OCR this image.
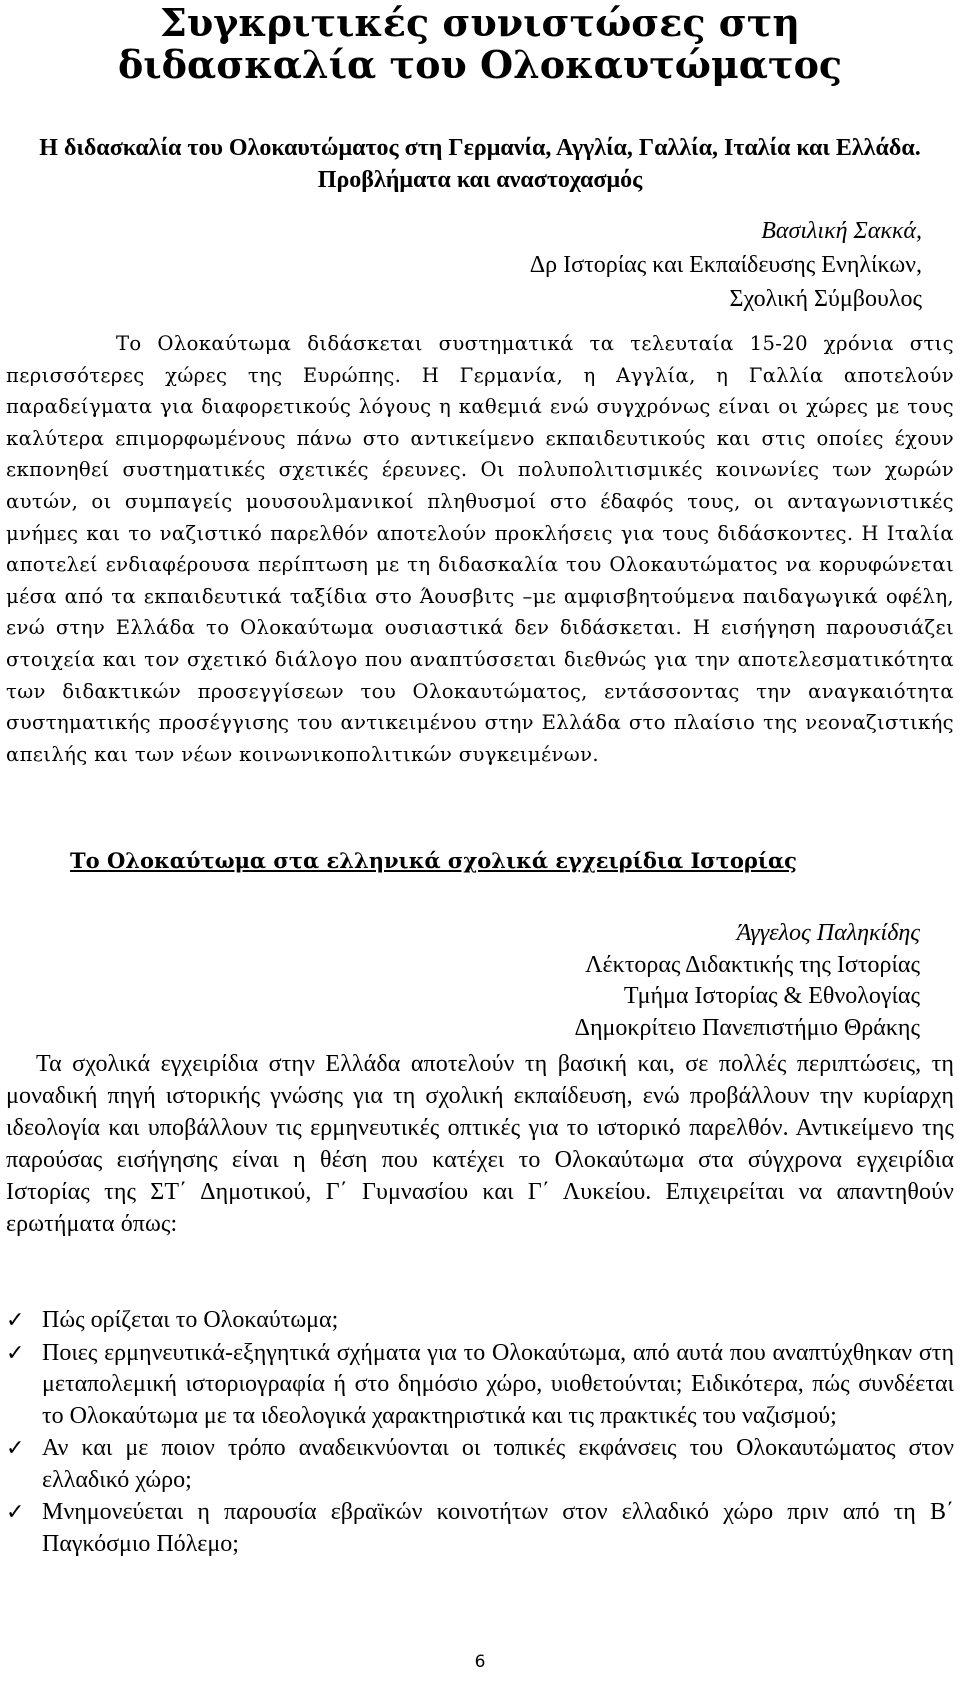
Συγκριτικές συνιστώσες στη διδασκαλία του Ολοκαυτώματος

Η διδασκαλία του Ολοκαυτώματος στη Γερμανία, Αγγλία, Γαλλία, Ιταλία και Ελλάδα. Προβλήματα και αναστοχασμός

Βασιλική Σακκά,
Δρ Ιστορίας και Εκπαίδευσης Ενηλίκων,
Σχολική Σύμβουλος

Το Ολοκαύτωμα διδάσκεται συστηματικά τα τελευταία 15-20 χρόνια στις περισσότερες χώρες της Ευρώπης. Η Γερμανία, η Αγγλία, η Γαλλία αποτελούν παραδείγματα για διαφορετικούς λόγους η καθεμιά ενώ συγχρόνως είναι οι χώρες με τους καλύτερα επιμορφωμένους πάνω στο αντικείμενο εκπαιδευτικούς και στις οποίες έχουν εκπονηθεί συστηματικές σχετικές έρευνες. Οι πολυπολιτισμικές κοινωνίες των χωρών αυτών, οι συμπαγείς μουσουλμανικοί πληθυσμοί στο έδαφός τους, οι ανταγωνιστικές μνήμες και το ναζιστικό παρελθόν αποτελούν προκλήσεις για τους διδάσκοντες. Η Ιταλία αποτελεί ενδιαφέρουσα περίπτωση με τη διδασκαλία του Ολοκαυτώματος να κορυφώνεται μέσα από τα εκπαιδευτικά ταξίδια στο Άουσβιτς –με αμφισβητούμενα παιδαγωγικά οφέλη, ενώ στην Ελλάδα το Ολοκαύτωμα ουσιαστικά δεν διδάσκεται. Η εισήγηση παρουσιάζει στοιχεία και τον σχετικό διάλογο που αναπτύσσεται διεθνώς για την αποτελεσματικότητα των διδακτικών προσεγγίσεων του Ολοκαυτώματος, εντάσσοντας την αναγκαιότητα συστηματικής προσέγγισης του αντικειμένου στην Ελλάδα στο πλαίσιο της νεοναζιστικής απειλής και των νέων κοινωνικοπολιτικών συγκειμένων.

Το Ολοκαύτωμα στα ελληνικά σχολικά εγχειρίδια Ιστορίας
Άγγελος Παληκίδης
Λέκτορας Διδακτικής της Ιστορίας
Τμήμα Ιστορίας & Εθνολογίας
Δημοκρίτειο Πανεπιστήμιο Θράκης

Τα σχολικά εγχειρίδια στην Ελλάδα αποτελούν τη βασική και, σε πολλές περιπτώσεις, τη μοναδική πηγή ιστορικής γνώσης για τη σχολική εκπαίδευση, ενώ προβάλλουν την κυρίαρχη ιδεολογία και υποβάλλουν τις ερμηνευτικές οπτικές για το ιστορικό παρελθόν. Αντικείμενο της παρούσας εισήγησης είναι η θέση που κατέχει το Ολοκαύτωμα στα σύγχρονα εγχειρίδια Ιστορίας της ΣΤ΄ Δημοτικού, Γ΄ Γυμνασίου και Γ΄ Λυκείου. Επιχειρείται να απαντηθούν ερωτήματα όπως:

✓ Πώς ορίζεται το Ολοκαύτωμα;
✓ Ποιες ερμηνευτικά-εξηγητικά σχήματα για το Ολοκαύτωμα, από αυτά που αναπτύχθηκαν στη μεταπολεμική ιστοριογραφία ή στο δημόσιο χώρο, υιοθετούνται; Ειδικότερα, πώς συνδέεται το Ολοκαύτωμα με τα ιδεολογικά χαρακτηριστικά και τις πρακτικές του ναζισμού;
✓ Αν και με ποιον τρόπο αναδεικνύονται οι τοπικές εκφάνσεις του Ολοκαυτώματος στον ελλαδικό χώρο;
✓ Μνημονεύεται η παρουσία εβραϊκών κοινοτήτων στον ελλαδικό χώρο πριν από τη Β΄ Παγκόσμιο Πόλεμο;
6
